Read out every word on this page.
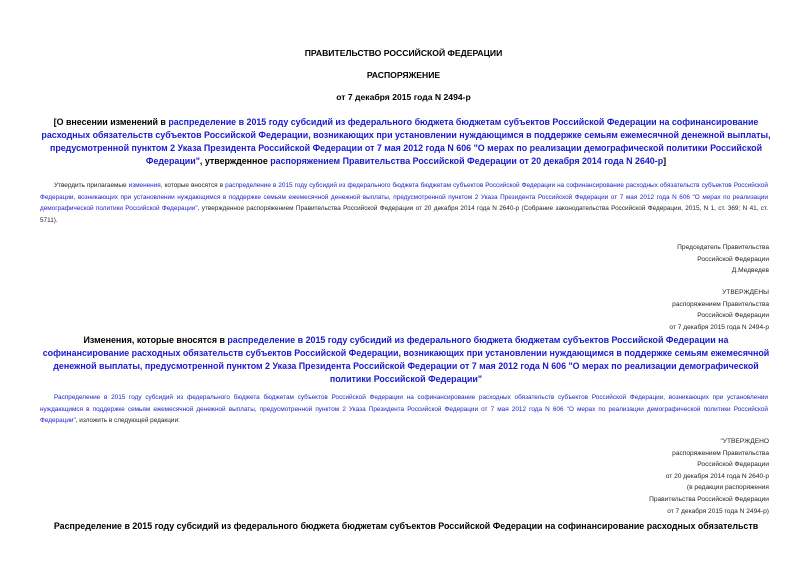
ПРАВИТЕЛЬСТВО РОССИЙСКОЙ ФЕДЕРАЦИИ
РАСПОРЯЖЕНИЕ
от 7 декабря 2015 года N 2494-р
[О внесении изменений в распределение в 2015 году субсидий из федерального бюджета бюджетам субъектов Российской Федерации на софинансирование расходных обязательств субъектов Российской Федерации, возникающих при установлении нуждающимся в поддержке семьям ежемесячной денежной выплаты, предусмотренной пунктом 2 Указа Президента Российской Федерации от 7 мая 2012 года N 606 "О мерах по реализации демографической политики Российской Федерации", утвержденное распоряжением Правительства Российской Федерации от 20 декабря 2014 года N 2640-р]
Утвердить прилагаемые изменения, которые вносятся в распределение в 2015 году субсидий из федерального бюджета бюджетам субъектов Российской Федерации на софинансирование расходных обязательств субъектов Российской Федерации, возникающих при установлении нуждающимся в поддержке семьям ежемесячной денежной выплаты, предусмотренной пунктом 2 Указа Президента Российской Федерации от 7 мая 2012 года N 606 "О мерах по реализации демографической политики Российской Федерации", утвержденное распоряжением Правительства Российской Федерации от 20 декабря 2014 года N 2640-р (Собрание законодательства Российской Федерации, 2015, N 1, ст. 369; N 41, ст. 5711).
Председатель Правительства
Российской Федерации
Д.Медведев
УТВЕРЖДЕНЫ
распоряжением Правительства
Российской Федерации
от 7 декабря 2015 года N 2494-р
Изменения, которые вносятся в распределение в 2015 году субсидий из федерального бюджета бюджетам субъектов Российской Федерации на софинансирование расходных обязательств субъектов Российской Федерации, возникающих при установлении нуждающимся в поддержке семьям ежемесячной денежной выплаты, предусмотренной пунктом 2 Указа Президента Российской Федерации от 7 мая 2012 года N 606 "О мерах по реализации демографической политики Российской Федерации"
Распределение в 2015 году субсидий из федерального бюджета бюджетам субъектов Российской Федерации на софинансирование расходных обязательств субъектов Российской Федерации, возникающих при установлении нуждающимся в поддержке семьям ежемесячной денежной выплаты, предусмотренной пунктом 2 Указа Президента Российской Федерации от 7 мая 2012 года N 606 "О мерах по реализации демографической политики Российской Федерации", изложить в следующей редакции:
"УТВЕРЖДЕНО
распоряжением Правительства
Российской Федерации
от 20 декабря 2014 года N 2640-р
(в редакции распоряжения
Правительства Российской Федерации
от 7 декабря 2015 года N 2494-р)
Распределение в 2015 году субсидий из федерального бюджета бюджетам субъектов Российской Федерации на софинансирование расходных обязательств
